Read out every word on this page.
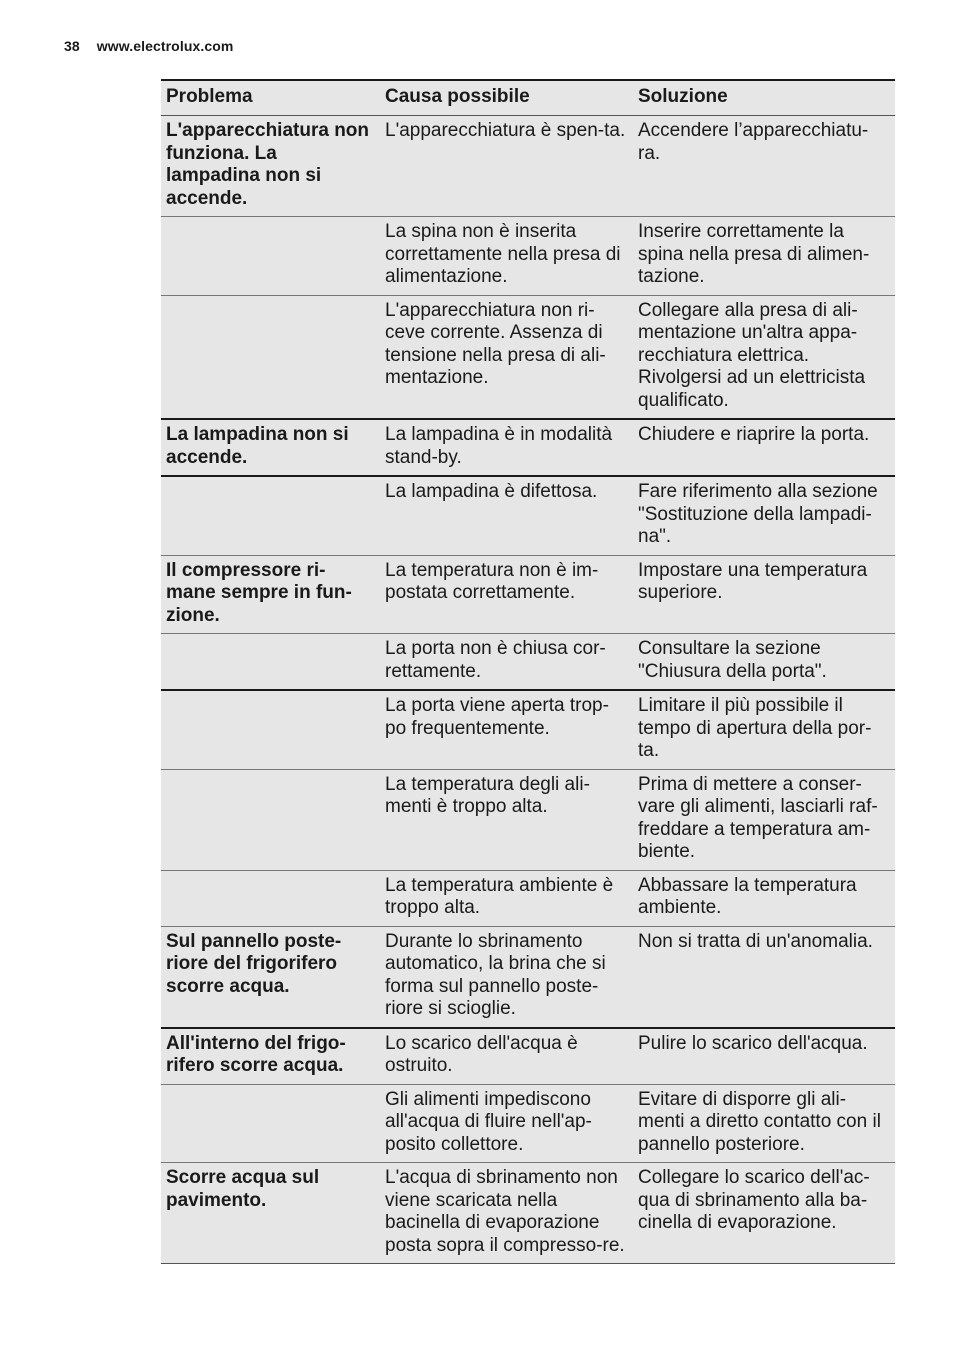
38 www.electrolux.com
Problema	Causa possibile	Soluzione
L'apparecchiatura non funziona. La lampadina non si accende.	L'apparecchiatura è spen-ta.	Accendere l’apparecchiatu-ra.
	La spina non è inserita correttamente nella presa di alimentazione.	Inserire correttamente la spina nella presa di alimen-tazione.
	L'apparecchiatura non ri-ceve corrente. Assenza di tensione nella presa di ali-mentazione.	Collegare alla presa di ali-mentazione un'altra appa-recchiatura elettrica. Rivolgersi ad un elettricista qualificato.
La lampadina non si accende.	La lampadina è in modalità stand-by.	Chiudere e riaprire la porta.
	La lampadina è difettosa.	Fare riferimento alla sezione "Sostituzione della lampadi-na".
Il compressore ri-mane sempre in fun-zione.	La temperatura non è im-postata correttamente.	Impostare una temperatura superiore.
	La porta non è chiusa cor-rettamente.	Consultare la sezione "Chiusura della porta".
	La porta viene aperta trop-po frequentemente.	Limitare il più possibile il tempo di apertura della por-ta.
	La temperatura degli ali-menti è troppo alta.	Prima di mettere a conser-vare gli alimenti, lasciarli raf-freddare a temperatura am-biente.
	La temperatura ambiente è troppo alta.	Abbassare la temperatura ambiente.
Sul pannello poste-riore del frigorifero scorre acqua.	Durante lo sbrinamento automatico, la brina che si forma sul pannello poste-riore si scioglie.	Non si tratta di un'anomalia.
All'interno del frigo-rifero scorre acqua.	Lo scarico dell'acqua è ostruito.	Pulire lo scarico dell'acqua.
	Gli alimenti impediscono all'acqua di fluire nell'ap-posito collettore.	Evitare di disporre gli ali-menti a diretto contatto con il pannello posteriore.
Scorre acqua sul pavimento.	L'acqua di sbrinamento non viene scaricata nella bacinella di evaporazione posta sopra il compresso-re.	Collegare lo scarico dell'ac-qua di sbrinamento alla ba-cinella di evaporazione.
